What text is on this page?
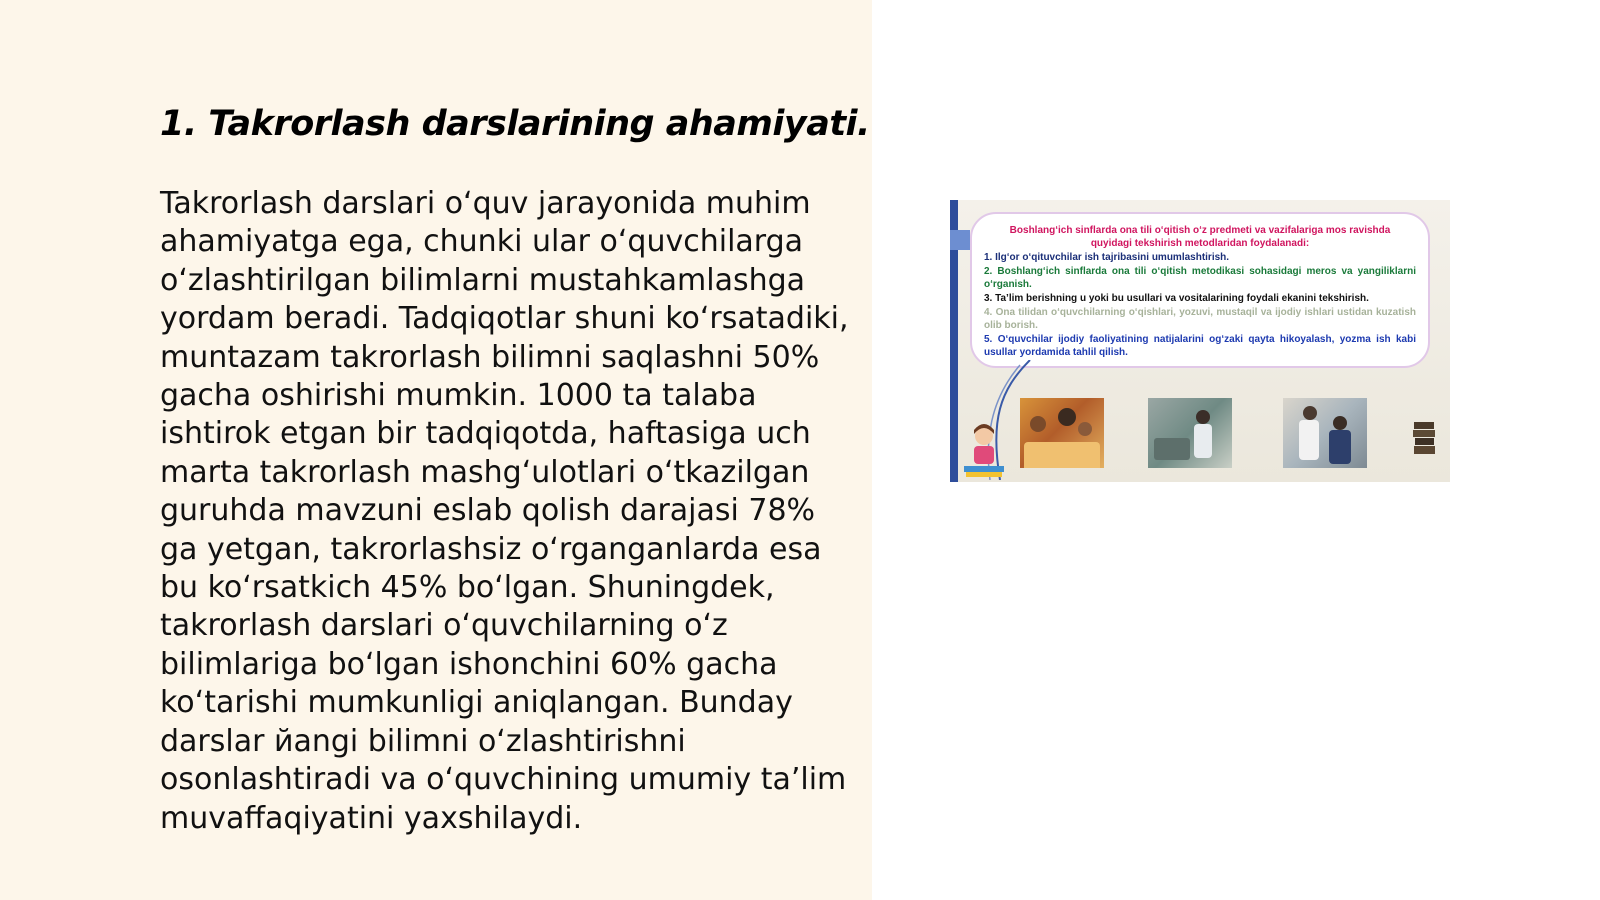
1. Takrorlash darslarining ahamiyati.

Takrorlash darslari o‘quv jarayonida muhim ahamiyatga ega, chunki ular o‘quvchilarga o‘zlashtirilgan bilimlarni mustahkamlashga yordam beradi. Tadqiqotlar shuni ko‘rsatadiki, muntazam takrorlash bilimni saqlashni 50% gacha oshirishi mumkin. 1000 ta talaba ishtirok etgan bir tadqiqotda, haftasiga uch marta takrorlash mashg‘ulotlari o‘tkazilgan guruhda mavzuni eslab qolish darajasi 78% ga yetgan, takrorlashsiz o‘rganganlarda esa bu ko‘rsatkich 45% bo‘lgan. Shuningdek, takrorlash darslari o‘quvchilarning o‘z bilimlariga bo‘lgan ishonchini 60% gacha ko‘tarishi mumkunligi aniqlangan. Bunday darslar йangi bilimni o‘zlashtirishni osonlashtiradi va o‘quvchining umumiy ta’lim muvaffaqiyatini yaxshilaydi.

Boshlang‘ich sinflarda ona tili o‘qitish o‘z predmeti va vazifalariga mos ravishda quyidagi tekshirish metodlaridan foydalanadi:
1. Ilg‘or o‘qituvchilar ish tajribasini umumlashtirish.
2. Boshlang‘ich sinflarda ona tili o‘qitish metodikasi sohasidagi meros va yangiliklarni o‘rganish.
3. Ta’lim berishning u yoki bu usullari va vositalarining foydali ekanini tekshirish.
4. Ona tilidan o‘quvchilarning o‘qishlari, yozuvi, mustaqil va ijodiy ishlari ustidan kuzatish olib borish.
5. O‘quvchilar ijodiy faoliyatining natijalarini og‘zaki qayta hikoyalash, yozma ish kabi usullar yordamida tahlil qilish.
